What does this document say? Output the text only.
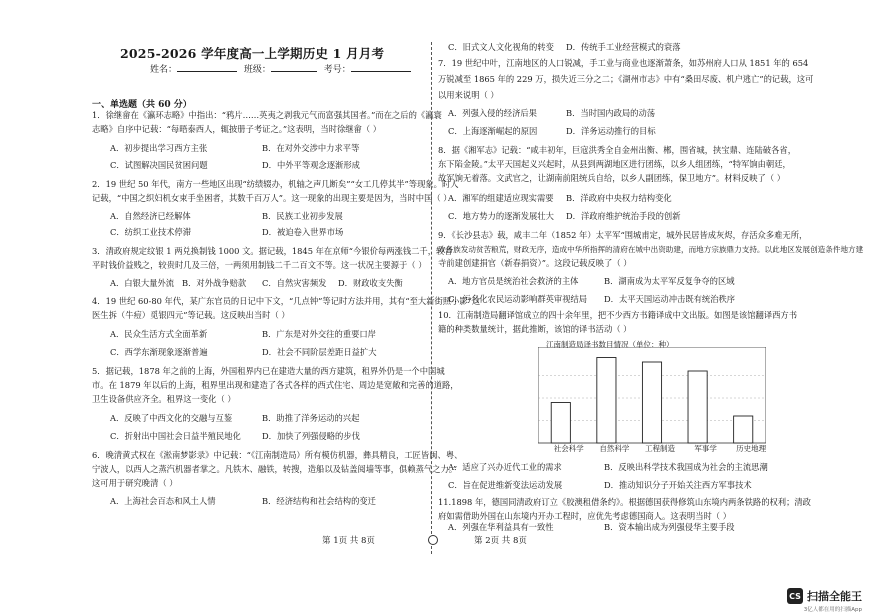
2025-2026 学年度高一上学期历史 1 月月考
姓名：	班级：	考号：
一、单选题（共 60 分）
1．徐继畲在《瀛环志略》中指出：“鸦片……英夷之剥我元气而富强其国者。”而在之后的《瀛寰
志略》自序中记载：“每晤泰西人，辄披册子考证之。”这表明，当时徐继畲（ ）
A．初步提出学习西方主张	B．在对外交涉中力求平等
C．试图解决国民贫困问题	D．中外平等观念逐渐形成
2．19 世纪 50 年代，南方一些地区出现“纺绩辍办，机轴之声几断矣”“女工几停其半”等现象。时人
记载，“中国之织妇机女束手坐困者，其数千百万人”。这一现象的出现主要是因为，当时中国（ ）
A．自然经济已经解体	B．民族工业初步发展
C．纺织工业技术停滞	D．被迫卷入世界市场
3．清政府规定纹银 1 两兑换制钱 1000 文。据记载，1845 年在京师“今银价每两涨钱二千，较昔
平时钱价益贱之，较贵时几及三倍，一两须用制钱二千二百文不等。这一状况主要源于（ ）
A．白银大量外流 B．对外战争赔款 C．自然灾害频发 D．财政收支失衡
4．19 世纪 60-80 年代，某广东官员的日记中下文，“几点钟”等记时方法并用，其有“至大新街照小影”这
医生拆（牛痘）觅银四元”等记载。这反映出当时（ ）
A．民众生活方式全面革新	B．广东是对外交往的重要口岸
C．西学东渐现象逐渐普遍	D．社会不同阶层差距日益扩大
5．据记载，1878 年之前的上海，外国租界内已在建造大量的西方建筑，租界外仍是一个中国城
市。在 1879 年以后的上海，租界里出现和建造了各式各样的西式住宅、周边是宽敞和完善的道路，
卫生设备供应齐全。租界这一变化（ ）
A．反映了中西文化的交融与互鉴	B．助推了洋务运动的兴起
C．折射出中国社会日益半殖民地化	D．加快了列强侵略的步伐
6．晚清黄式权在《淞南梦影录》中记载：“《江南制造局）所有模仿机器，彝具精良，工匠皆闽、粤、
宁波人，以西人之蒸汽机器者掌之。凡铁木、融铁，转搜，造船以及钻盖阅墙等事，俱赖蒸气之力。”
这可用于研究晚清（ ）
A．上海社会百态和风土人情	B．经济结构和社会结构的变迁
第 1页 共 8页
C．旧式文人文化视角的转变 D．传统手工业经营模式的衰落
7．19 世纪中叶，江南地区的人口锐减，手工业与商业也逐渐萧条，如苏州府人口从 1851 年的 654
万锐减至 1865 年的 229 万，损失近三分之二；《湖州市志》中有“桑田尽废、机户逃亡”的记载，这可
以用来说明（ ）
A．列强入侵的经济后果	B．当时国内政局的动荡
C．上海逐渐崛起的原因	D．洋务运动推行的目标
8．据《湘军志》记载：“咸丰初年，巨寇洪秀全自金州出衡、郴，围省城，挟宝鼎、连陆破各省，
东下陷金陵。”太平天国起义兴起时，从县到两湖地区进行团练，以乡人组团练，“特军饷由朝廷，
故军饷无着落。文武官之，让湖南前阻统兵自给，以乡人副团练，保卫地方”。材料反映了（ ）
A．湘军的组建适应现实需要 B．洋政府中央权力结构变化
C．地方势力的逐渐发展壮大 D．洋政府维护统治手段的创新
9．《长沙县志》载，咸丰二年（1852 年）太平军“围城甫定，城外民居皆成灰烬，存活众多难无所，
致各族发动贫苦粮荒，财政无序，造成中华所指挥的清府在城中出资助建，而地方宗族鼎力支持。以此地区发展创造条件地方建
寺前建创建捐官（新春捐资）”。这段记载反映了（ ）
A．地方官员是统治社会救济的主体	B．湖南成为太平军反复争夺的区域
C．污名化农民运动影响群英审视结局 D．太平天国运动冲击既有统治秩序
10．江南制造局翻译馆成立的四十余年里，把不少西方书籍译成中文出版。如图是该馆翻译西方书
籍的种类数量统计，据此推断，该馆的译书活动（ ）
A．适应了兴办近代工业的需求	B．反映出科学技术我国成为社会的主流思潮
C．旨在促进维新变法运动发展	D．推动知识分子开始关注西方军事技术
11.1898 年，德国同清政府订立《胶澳租借条约》。根据德国获得修筑山东境内两条铁路的权利；清政
府如需借助外国在山东境内开办工程时，应优先考虑德国商人。这表明当时（ ）
A．列强在华利益具有一致性	B．资本输出成为列强侵华主要手段
第 2页 共 8页
江南制造局译书数目情况（单位：种）
社会科学 自然科学 工程制造	军事学	历史地理
CS 扫描全能王
3亿人都在用的扫描App
